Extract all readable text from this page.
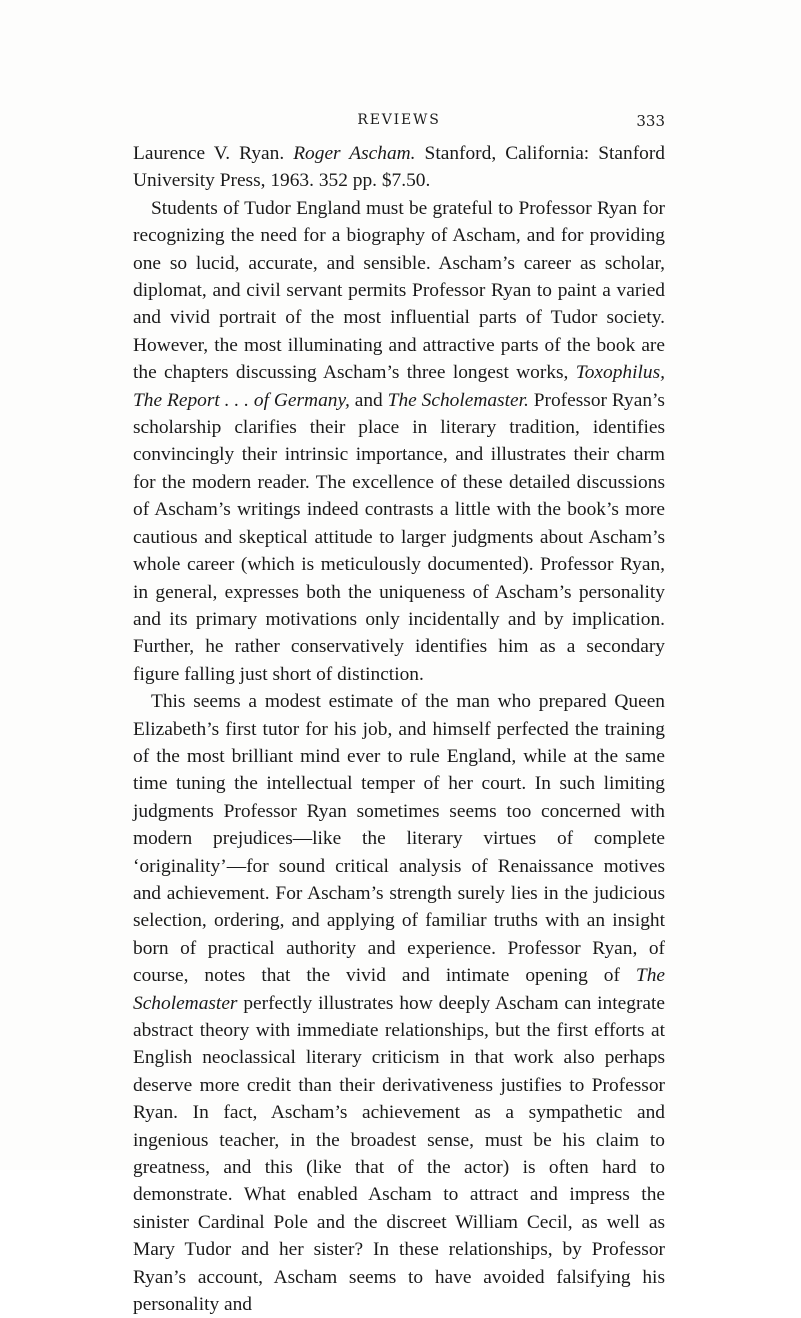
REVIEWS	333

Laurence V. Ryan. Roger Ascham. Stanford, California: Stanford University Press, 1963. 352 pp. $7.50.

Students of Tudor England must be grateful to Professor Ryan for recognizing the need for a biography of Ascham, and for providing one so lucid, accurate, and sensible. Ascham’s career as scholar, diplomat, and civil servant permits Professor Ryan to paint a varied and vivid portrait of the most influential parts of Tudor society. However, the most illuminating and attractive parts of the book are the chapters discussing Ascham’s three longest works, Toxophilus, The Report . . . of Germany, and The Scholemaster. Professor Ryan’s scholarship clarifies their place in literary tradition, identifies convincingly their intrinsic importance, and illustrates their charm for the modern reader. The excellence of these detailed discussions of Ascham’s writings indeed contrasts a little with the book’s more cautious and skeptical attitude to larger judgments about Ascham’s whole career (which is meticulously documented). Professor Ryan, in general, expresses both the uniqueness of Ascham’s personality and its primary motivations only incidentally and by implication. Further, he rather conservatively identifies him as a secondary figure falling just short of distinction.

This seems a modest estimate of the man who prepared Queen Elizabeth’s first tutor for his job, and himself perfected the training of the most brilliant mind ever to rule England, while at the same time tuning the intellectual temper of her court. In such limiting judgments Professor Ryan sometimes seems too concerned with modern prejudices—like the literary virtues of complete ‘originality’—for sound critical analysis of Renaissance motives and achievement. For Ascham’s strength surely lies in the judicious selection, ordering, and applying of familiar truths with an insight born of practical authority and experience. Professor Ryan, of course, notes that the vivid and intimate opening of The Scholemaster perfectly illustrates how deeply Ascham can integrate abstract theory with immediate relationships, but the first efforts at English neoclassical literary criticism in that work also perhaps deserve more credit than their derivativeness justifies to Professor Ryan. In fact, Ascham’s achievement as a sympathetic and ingenious teacher, in the broadest sense, must be his claim to greatness, and this (like that of the actor) is often hard to demonstrate. What enabled Ascham to attract and impress the sinister Cardinal Pole and the discreet William Cecil, as well as Mary Tudor and her sister? In these relationships, by Professor Ryan’s account, Ascham seems to have avoided falsifying his personality and
